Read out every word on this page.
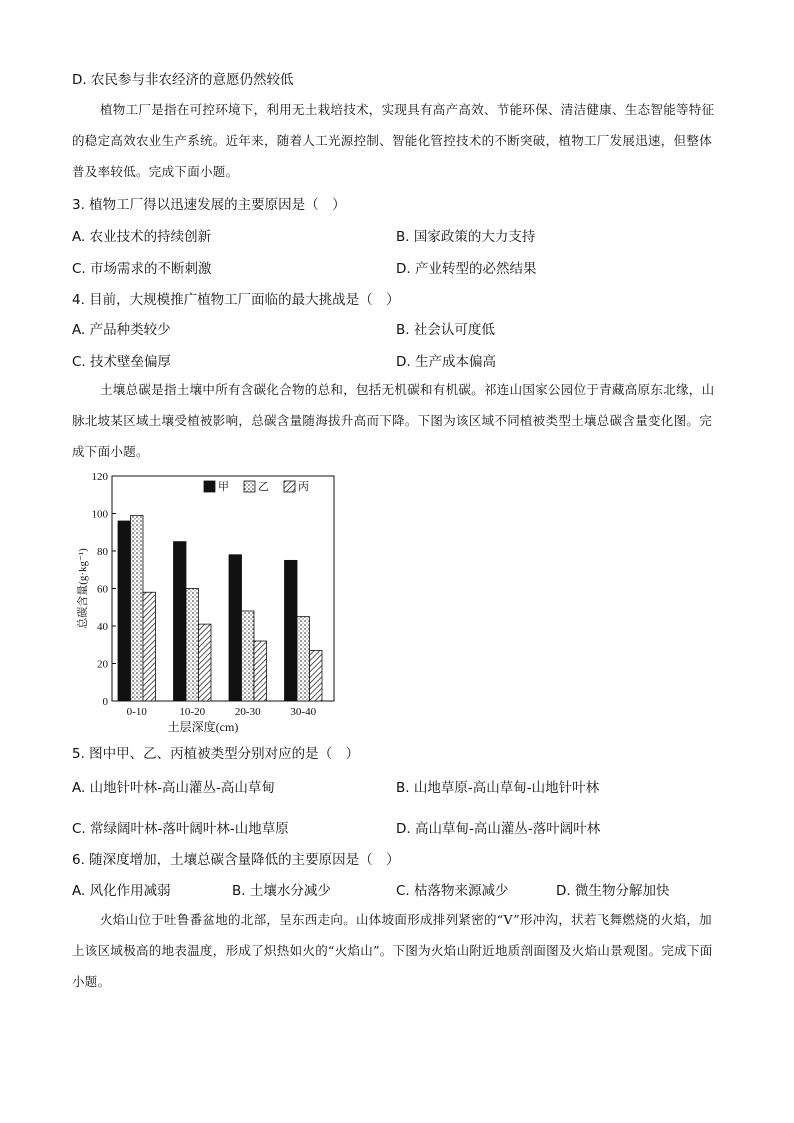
D. 农民参与非农经济的意愿仍然较低
植物工厂是指在可控环境下，利用无土栽培技术，实现具有高产高效、节能环保、清洁健康、生态智能等特征的稳定高效农业生产系统。近年来，随着人工光源控制、智能化管控技术的不断突破，植物工厂发展迅速，但整体普及率较低。完成下面小题。
3. 植物工厂得以迅速发展的主要原因是（　）
A. 农业技术的持续创新	B. 国家政策的大力支持
C. 市场需求的不断刺激	D. 产业转型的必然结果
4. 目前，大规模推广植物工厂面临的最大挑战是（　）
A. 产品种类较少	B. 社会认可度低
C. 技术壁垒偏厚	D. 生产成本偏高
土壤总碳是指土壤中所有含碳化合物的总和，包括无机碳和有机碳。祁连山国家公园位于青藏高原东北缘，山脉北坡某区域土壤受植被影响，总碳含量随海拔升高而下降。下图为该区域不同植被类型土壤总碳含量变化图。完成下面小题。
0
20
40
60
80
100
120
0-10	10-20	20-30	30-40
土层深度(cm)
总碳含量(g·kg⁻¹)
甲	乙	丙
5. 图中甲、乙、丙植被类型分别对应的是（　）
A. 山地针叶林-高山灌丛-高山草甸	B. 山地草原-高山草甸-山地针叶林
C. 常绿阔叶林-落叶阔叶林-山地草原	D. 高山草甸-高山灌丛-落叶阔叶林
6. 随深度增加，土壤总碳含量降低的主要原因是（　）
A. 风化作用减弱	B. 土壤水分减少	C. 枯落物来源减少	D. 微生物分解加快
火焰山位于吐鲁番盆地的北部，呈东西走向。山体坡面形成排列紧密的“V”形冲沟，状若飞舞燃烧的火焰，加上该区域极高的地表温度，形成了炽热如火的“火焰山”。下图为火焰山附近地质剖面图及火焰山景观图。完成下面小题。
